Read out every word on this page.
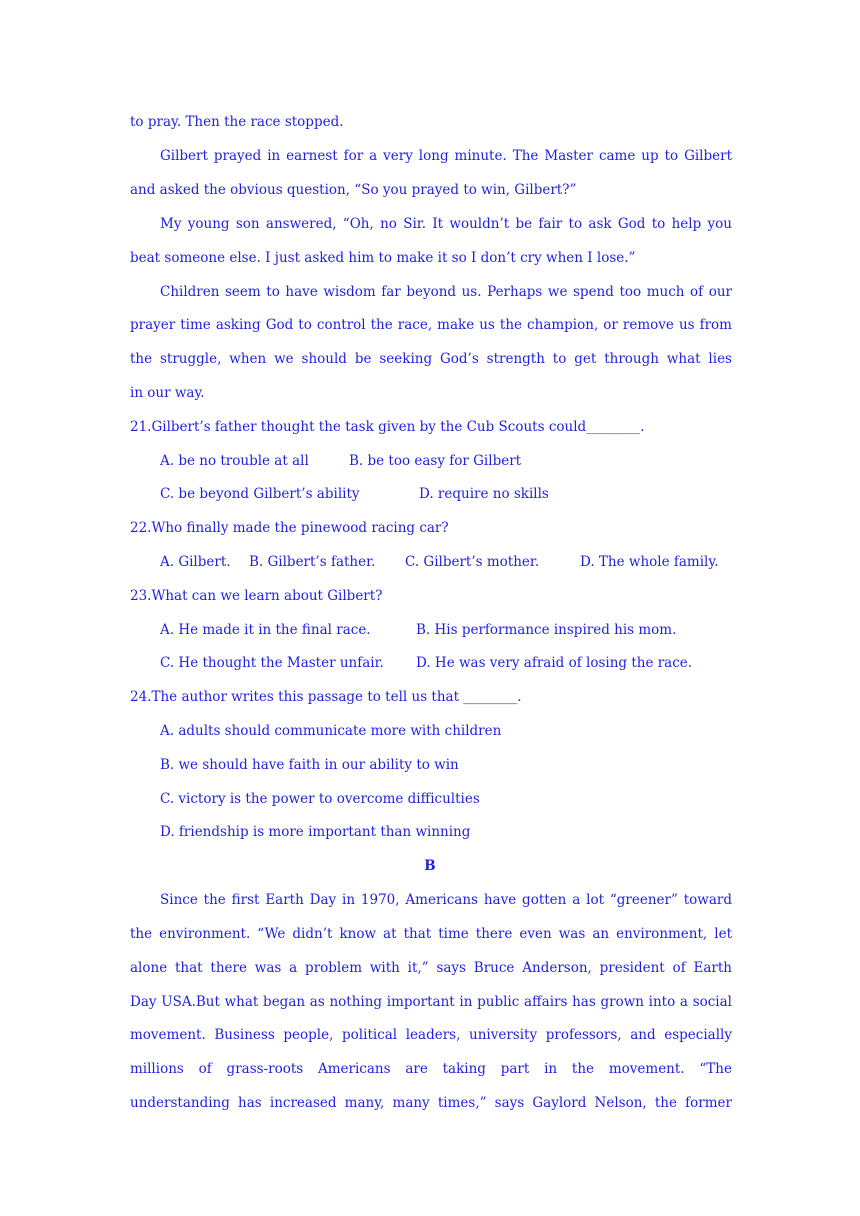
to pray. Then the race stopped.
Gilbert prayed in earnest for a very long minute. The Master came up to Gilbert
and asked the obvious question, “So you prayed to win, Gilbert?”
My young son answered, “Oh, no Sir. It wouldn’t be fair to ask God to help you
beat someone else. I just asked him to make it so I don’t cry when I lose.”
Children seem to have wisdom far beyond us. Perhaps we spend too much of our
prayer time asking God to control the race, make us the champion, or remove us from
the struggle, when we should be seeking God’s strength to get through what lies
in our way.
21.Gilbert’s father thought the task given by the Cub Scouts could________.
A. be no trouble at all	B. be too easy for Gilbert
C. be beyond Gilbert’s ability	D. require no skills
22.Who finally made the pinewood racing car?
A. Gilbert. B. Gilbert’s father. C. Gilbert’s mother.	D. The whole family.
23.What can we learn about Gilbert?
A. He made it in the final race.	B. His performance inspired his mom.
C. He thought the Master unfair. D. He was very afraid of losing the race.
24.The author writes this passage to tell us that ________.
A. adults should communicate more with children
B. we should have faith in our ability to win
C. victory is the power to overcome difficulties
D. friendship is more important than winning
B
Since the first Earth Day in 1970, Americans have gotten a lot “greener” toward
the environment. “We didn’t know at that time there even was an environment, let
alone that there was a problem with it,” says Bruce Anderson, president of Earth
Day USA.But what began as nothing important in public affairs has grown into a social
movement. Business people, political leaders, university professors, and especially
millions of grass-roots Americans are taking part in the movement. “The
understanding has increased many, many times,” says Gaylord Nelson, the former
